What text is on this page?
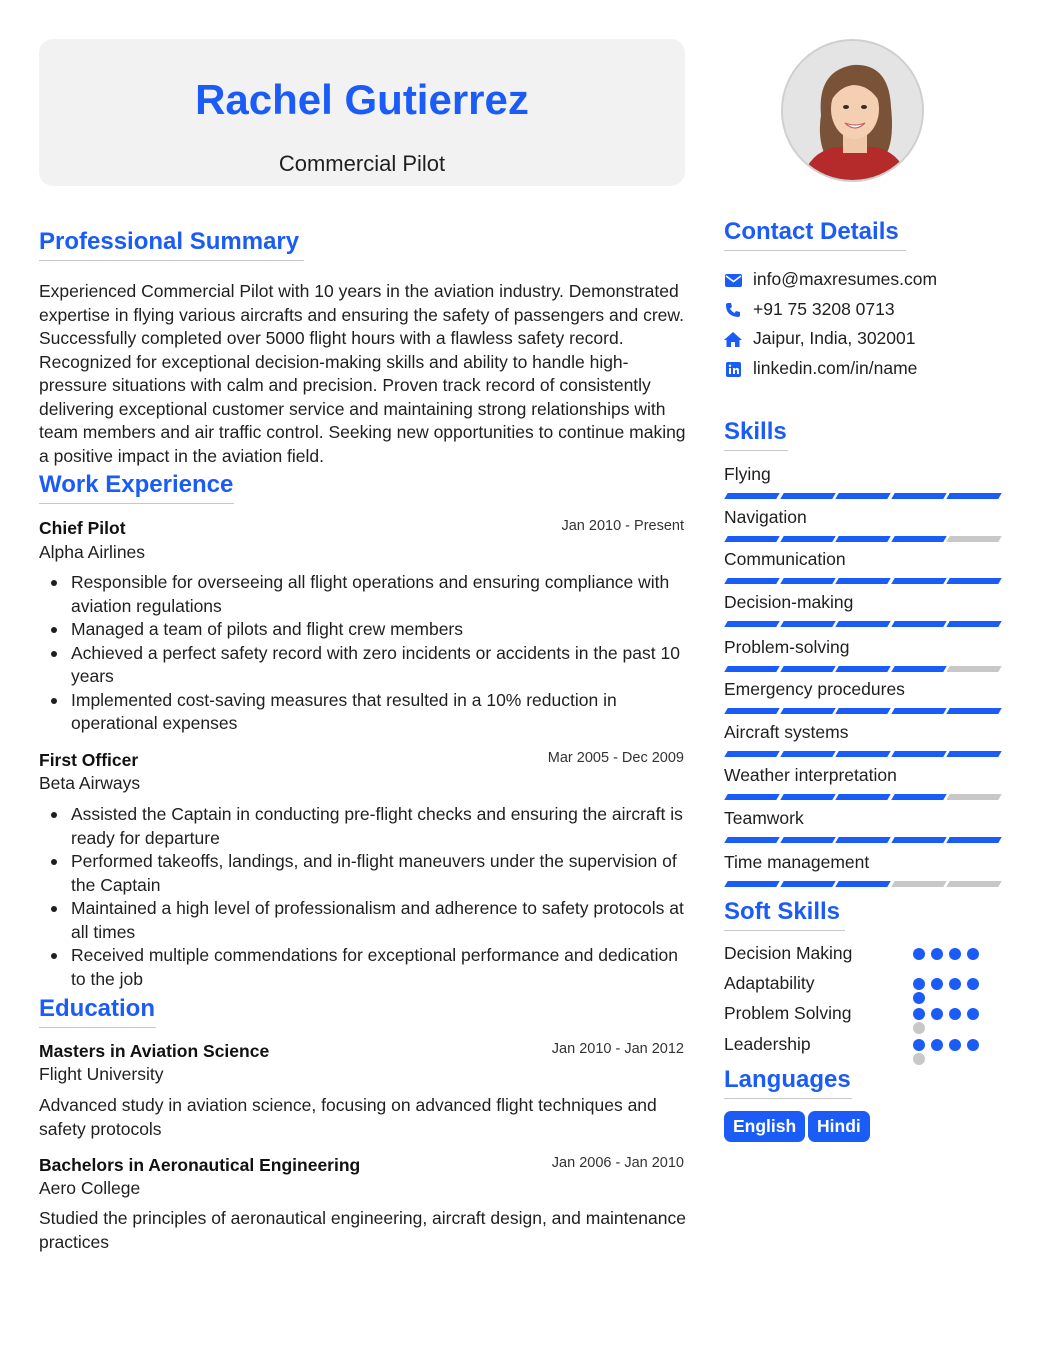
Rachel Gutierrez
Commercial Pilot
Professional Summary
Experienced Commercial Pilot with 10 years in the aviation industry. Demonstrated expertise in flying various aircrafts and ensuring the safety of passengers and crew. Successfully completed over 5000 flight hours with a flawless safety record. Recognized for exceptional decision-making skills and ability to handle high-pressure situations with calm and precision. Proven track record of consistently delivering exceptional customer service and maintaining strong relationships with team members and air traffic control. Seeking new opportunities to continue making a positive impact in the aviation field.
Work Experience
Chief Pilot	Jan 2010 - Present
Alpha Airlines
Responsible for overseeing all flight operations and ensuring compliance with aviation regulations
Managed a team of pilots and flight crew members
Achieved a perfect safety record with zero incidents or accidents in the past 10 years
Implemented cost-saving measures that resulted in a 10% reduction in operational expenses
First Officer	Mar 2005 - Dec 2009
Beta Airways
Assisted the Captain in conducting pre-flight checks and ensuring the aircraft is ready for departure
Performed takeoffs, landings, and in-flight maneuvers under the supervision of the Captain
Maintained a high level of professionalism and adherence to safety protocols at all times
Received multiple commendations for exceptional performance and dedication to the job
Education
Masters in Aviation Science	Jan 2010 - Jan 2012
Flight University
Advanced study in aviation science, focusing on advanced flight techniques and safety protocols
Bachelors in Aeronautical Engineering	Jan 2006 - Jan 2010
Aero College
Studied the principles of aeronautical engineering, aircraft design, and maintenance practices
Contact Details
info@maxresumes.com
+91 75 3208 0713
Jaipur, India, 302001
linkedin.com/in/name
Skills
Flying
Navigation
Communication
Decision-making
Problem-solving
Emergency procedures
Aircraft systems
Weather interpretation
Teamwork
Time management
Soft Skills
Decision Making
Adaptability
Problem Solving
Leadership
Languages
English	Hindi
